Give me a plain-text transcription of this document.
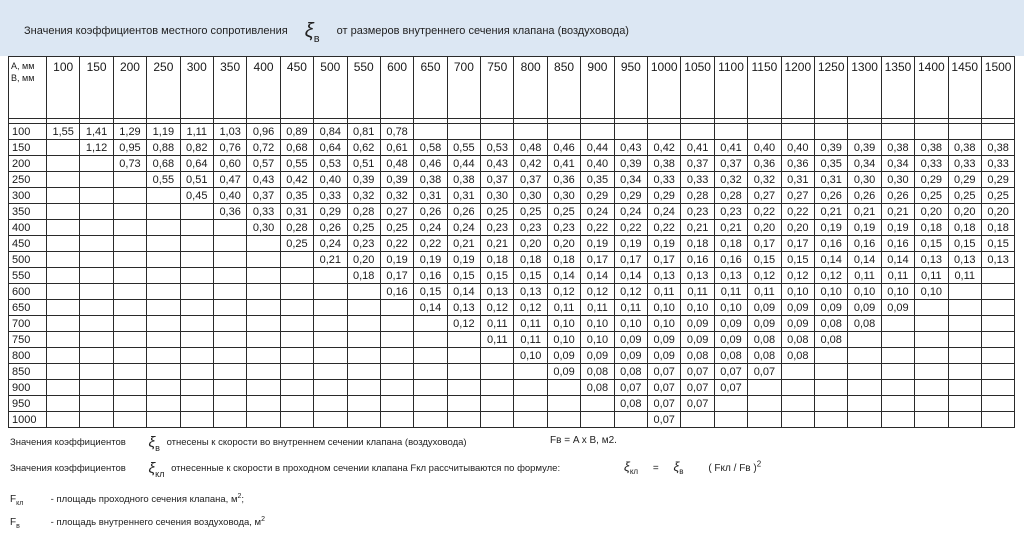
Значения коэффициентов местного сопротивления $\xi_в$ от размеров внутреннего сечения клапана (воздуховода)
A, мм
B, мм	100	150	200	250	300	350	400	450	500	550	600	650	700	750	800	850	900	950	1000	1050	1100	1150	1200	1250	1300	1350	1400	1450	1500

100	1,55	1,41	1,29	1,19	1,11	1,03	0,96	0,89	0,84	0,81	0,78																		
150		1,12	0,95	0,88	0,82	0,76	0,72	0,68	0,64	0,62	0,61	0,58	0,55	0,53	0,48	0,46	0,44	0,43	0,42	0,41	0,41	0,40	0,40	0,39	0,39	0,38	0,38	0,38	0,38
200			0,73	0,68	0,64	0,60	0,57	0,55	0,53	0,51	0,48	0,46	0,44	0,43	0,42	0,41	0,40	0,39	0,38	0,37	0,37	0,36	0,36	0,35	0,34	0,34	0,33	0,33	0,33
250				0,55	0,51	0,47	0,43	0,42	0,40	0,39	0,39	0,38	0,38	0,37	0,37	0,36	0,35	0,34	0,33	0,33	0,32	0,32	0,31	0,31	0,30	0,30	0,29	0,29	0,29
300					0,45	0,40	0,37	0,35	0,33	0,32	0,32	0,31	0,31	0,30	0,30	0,30	0,29	0,29	0,29	0,28	0,28	0,27	0,27	0,26	0,26	0,26	0,25	0,25	0,25
350						0,36	0,33	0,31	0,29	0,28	0,27	0,26	0,26	0,25	0,25	0,25	0,24	0,24	0,24	0,23	0,23	0,22	0,22	0,21	0,21	0,21	0,20	0,20	0,20
400							0,30	0,28	0,26	0,25	0,25	0,24	0,24	0,23	0,23	0,23	0,22	0,22	0,22	0,21	0,21	0,20	0,20	0,19	0,19	0,19	0,18	0,18	0,18
450								0,25	0,24	0,23	0,22	0,22	0,21	0,21	0,20	0,20	0,19	0,19	0,19	0,18	0,18	0,17	0,17	0,16	0,16	0,16	0,15	0,15	0,15
500									0,21	0,20	0,19	0,19	0,19	0,18	0,18	0,18	0,17	0,17	0,17	0,16	0,16	0,15	0,15	0,14	0,14	0,14	0,13	0,13	0,13
550										0,18	0,17	0,16	0,15	0,15	0,15	0,14	0,14	0,14	0,13	0,13	0,13	0,12	0,12	0,12	0,11	0,11	0,11	0,11	
600											0,16	0,15	0,14	0,13	0,13	0,12	0,12	0,12	0,11	0,11	0,11	0,11	0,10	0,10	0,10	0,10	0,10		
650												0,14	0,13	0,12	0,12	0,11	0,11	0,11	0,10	0,10	0,10	0,09	0,09	0,09	0,09	0,09			
700													0,12	0,11	0,11	0,10	0,10	0,10	0,10	0,09	0,09	0,09	0,09	0,08	0,08				
750														0,11	0,11	0,10	0,10	0,09	0,09	0,09	0,09	0,08	0,08	0,08					
800															0,10	0,09	0,09	0,09	0,09	0,08	0,08	0,08	0,08						
850																0,09	0,08	0,08	0,07	0,07	0,07	0,07							
900																	0,08	0,07	0,07	0,07	0,07								
950																		0,08	0,07	0,07									
1000																			0,07										
Значения коэффициентов $\xi_в$ отнесены к скорости во внутреннем сечении клапана (воздуховода)	Fв = A x B, м2.
Значения коэффициентов $\xi_{кл}$ отнесенные к скорости в проходном сечении клапана Fкл рассчитываются по формуле:	$\xi_{кл} = \xi_в$ ( Fкл / Fв )$^2$
$F_{кл}$	- площадь проходного сечения клапана, $м^2$;
$F_в$	- площадь внутреннего сечения воздуховода, $м^2$
